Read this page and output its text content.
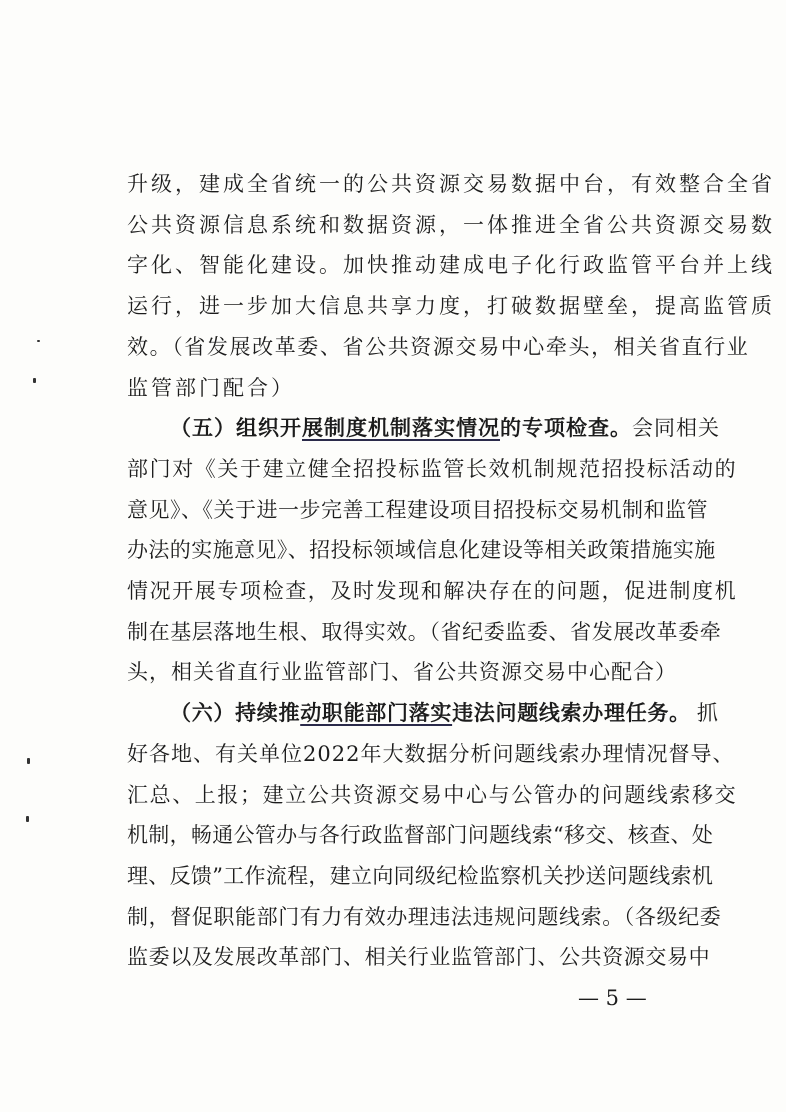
升级，建成全省统一的公共资源交易数据中台，有效整合全省
公共资源信息系统和数据资源，一体推进全省公共资源交易数
字化、智能化建设。加快推动建成电子化行政监管平台并上线
运行，进一步加大信息共享力度，打破数据壁垒，提高监管质
效。（省发展改革委、省公共资源交易中心牵头，相关省直行业
监管部门配合）
（五）组织开展制度机制落实情况的专项检查。会同相关
部门对《关于建立健全招投标监管长效机制规范招投标活动的
意见》、《关于进一步完善工程建设项目招投标交易机制和监管
办法的实施意见》、招投标领域信息化建设等相关政策措施实施
情况开展专项检查，及时发现和解决存在的问题，促进制度机
制在基层落地生根、取得实效。（省纪委监委、省发展改革委牵
头，相关省直行业监管部门、省公共资源交易中心配合）
（六）持续推动职能部门落实违法问题线索办理任务。 抓
好各地、有关单位2022年大数据分析问题线索办理情况督导、
汇总、上报；建立公共资源交易中心与公管办的问题线索移交
机制，畅通公管办与各行政监督部门问题线索“移交、核查、处
理、反馈”工作流程，建立向同级纪检监察机关抄送问题线索机
制，督促职能部门有力有效办理违法违规问题线索。（各级纪委
监委以及发展改革部门、相关行业监管部门、公共资源交易中
— 5 —
